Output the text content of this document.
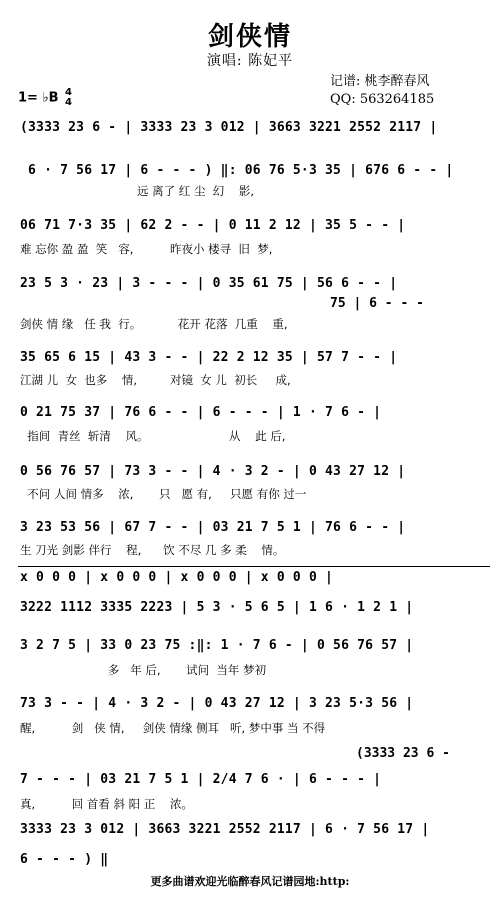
剑侠情
演唱: 陈妃平
记谱: 桃李醉春风
QQ: 563264185
1= ♭B 4
4
(3333 23 6 - | 3333 23 3 012 | 3663 3221 2552 2117 |
6 · 7 56 17 | 6 - - - ) ‖: 06 76 5·3 35 | 676 6 - - |
远 离了 红 尘  幻    影,
06 71 7·3 35 | 62 2 - - | 0 11 2 12 | 35 5 - - |
难 忘你 盈 盈  笑   容,          昨夜小 楼寻  旧  梦,
23 5 3 · 23 | 3 - - - | 0 35 61 75 | 56 6 - - |
75 | 6 - - -
剑侠 情 缘   任 我  行。          花开 花落  几重    重,
35 65 6 15 | 43 3 - - | 22 2 12 35 | 57 7 - - |
江湖 儿  女  也多    情,         对镜  女 儿  初长     成,
0 21 75 37 | 76 6 - - | 6 - - - | 1 · 7 6 - |
指间  青丝  斩清    风。                      从    此 后,
0 56 76 57 | 73 3 - - | 4 · 3 2 - | 0 43 27 12 |
不问 人间 情多    浓,       只   愿 有,     只愿 有你 过一
3 23 53 56 | 67 7 - - | 03 21 7 5 1 | 76 6 - - |
生 刀光 剑影 伴行    程,      饮 不尽 几 多 柔    情。
x 0 0 0 | x 0 0 0 | x 0 0 0 | x 0 0 0 |
3222 1112 3335 2223 | 5 3 · 5 6 5 | 1 6 · 1 2 1 |
3 2 7 5 | 33 0 23 75 :‖: 1 · 7 6 - | 0 56 76 57 |
多   年 后,       试问  当年 梦初
73 3 - - | 4 · 3 2 - | 0 43 27 12 | 3 23 5·3 56 |
醒,          剑   侠 情,     剑侠 情缘 侧耳   听, 梦中事 当 不得
(3333 23 6 -
7 - - - | 03 21 7 5 1 | 2/4 7 6 · | 6 - - - |
真,          回 首看 斜 阳 正    浓。
3333 23 3 012 | 3663 3221 2552 2117 | 6 · 7 56 17 |
6 - - - ) ‖
更多曲谱欢迎光临醉春风记谱园地:http:
